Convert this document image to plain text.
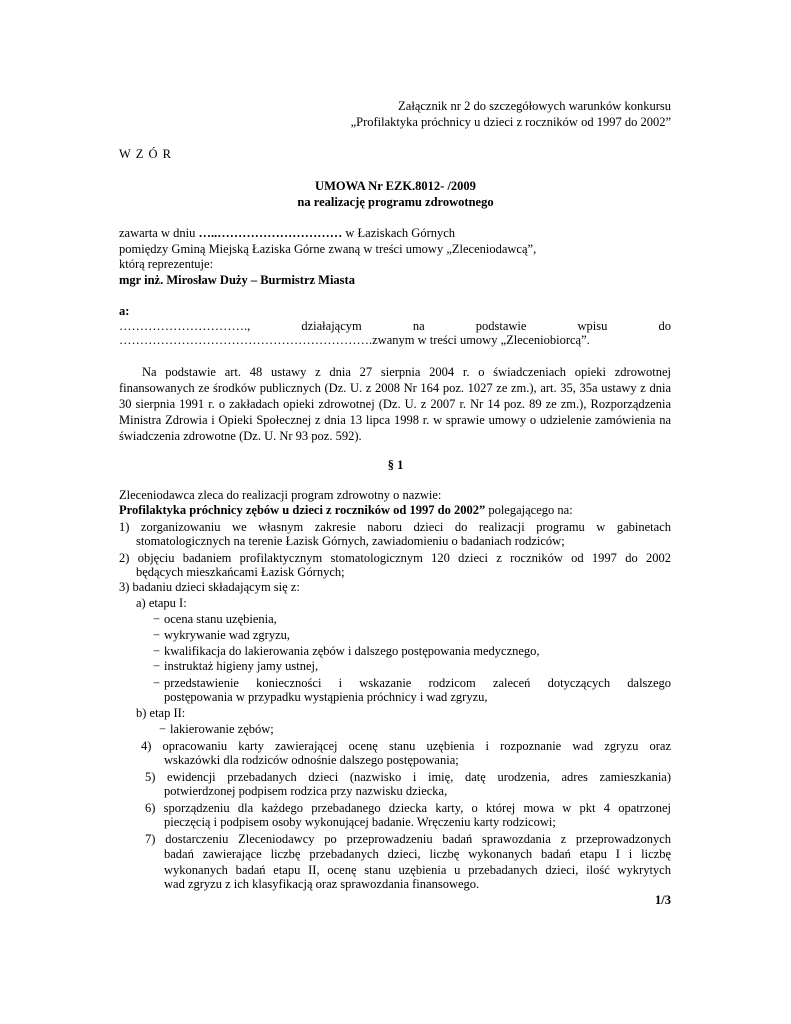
Załącznik nr 2 do szczegółowych warunków konkursu
„Profilaktyka próchnicy u dzieci z roczników od 1997 do 2002”
W Z Ó R
UMOWA Nr EZK.8012- /2009
na realizację programu zdrowotnego
zawarta w dniu …..………………………… w Łaziskach Górnych
pomiędzy Gminą Miejską Łaziska Górne zwaną w treści umowy „Zleceniodawcą”,
którą reprezentuje:
mgr inż. Mirosław Duży – Burmistrz Miasta
a:
…………………………., działającym na podstawie wpisu do
…………………………………………………….zwanym w treści umowy „Zleceniobiorcą”.
Na podstawie art. 48 ustawy z dnia 27 sierpnia 2004 r. o świadczeniach opieki zdrowotnej finansowanych ze środków publicznych (Dz. U. z 2008 Nr 164 poz. 1027 ze zm.), art. 35, 35a ustawy z dnia 30 sierpnia 1991 r. o zakładach opieki zdrowotnej (Dz. U. z 2007 r. Nr 14 poz. 89 ze zm.), Rozporządzenia Ministra Zdrowia i Opieki Społecznej z dnia 13 lipca 1998 r. w sprawie umowy o udzielenie zamówienia na świadczenia zdrowotne (Dz. U. Nr 93 poz. 592).
§ 1
Zleceniodawca zleca do realizacji program zdrowotny o nazwie:
Profilaktyka próchnicy zębów u dzieci z roczników od 1997 do 2002” polegającego na:
1) zorganizowaniu we własnym zakresie naboru dzieci do realizacji programu w gabinetach
stomatologicznych na terenie Łazisk Górnych, zawiadomieniu o badaniach rodziców;
2) objęciu badaniem profilaktycznym stomatologicznym 120 dzieci z roczników od 1997 do 2002
będących mieszkańcami Łazisk Górnych;
3) badaniu dzieci składającym się z:
a) etapu I:
− ocena stanu uzębienia,
− wykrywanie wad zgryzu,
− kwalifikacja do lakierowania zębów i dalszego postępowania medycznego,
− instruktaż higieny jamy ustnej,
− przedstawienie konieczności i wskazanie rodzicom zaleceń dotyczących dalszego
postępowania w przypadku wystąpienia próchnicy i wad zgryzu,
b) etap II:
− lakierowanie zębów;
4) opracowaniu karty zawierającej ocenę stanu uzębienia i rozpoznanie wad zgryzu oraz
wskazówki dla rodziców odnośnie dalszego postępowania;
5) ewidencji przebadanych dzieci (nazwisko i imię, datę urodzenia, adres zamieszkania)
potwierdzonej podpisem rodzica przy nazwisku dziecka,
6) sporządzeniu dla każdego przebadanego dziecka karty, o której mowa w pkt 4 opatrzonej
pieczęcią i podpisem osoby wykonującej badanie. Wręczeniu karty rodzicowi;
7) dostarczeniu Zleceniodawcy po przeprowadzeniu badań sprawozdania z przeprowadzonych
badań zawierające liczbę przebadanych dzieci, liczbę wykonanych badań etapu I i liczbę
wykonanych badań etapu II, ocenę stanu uzębienia u przebadanych dzieci, ilość wykrytych
wad zgryzu z ich klasyfikacją oraz sprawozdania finansowego.
1/3
